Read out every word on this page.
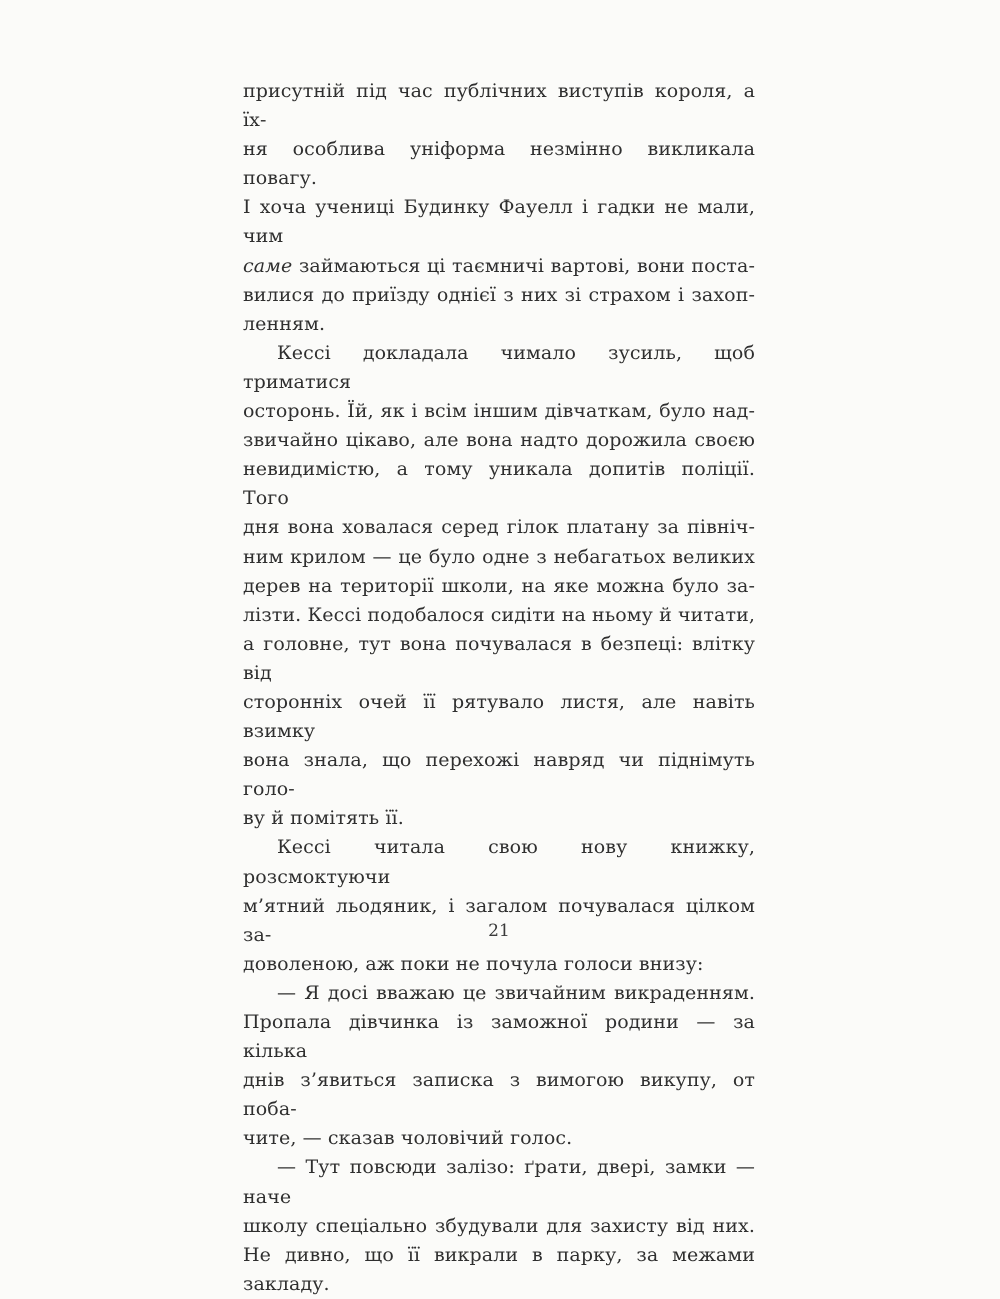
присутній під час публічних виступів короля, а їх-
ня особлива уніформа незмінно викликала повагу.
І хоча учениці Будинку Фауелл і гадки не мали, чим
саме займаються ці таємничі вартові, вони поста-
вилися до приїзду однієї з них зі страхом і захоп-
ленням.
Кессі докладала чимало зусиль, щоб триматися
осторонь. Їй, як і всім іншим дівчаткам, було над-
звичайно цікаво, але вона надто дорожила своєю
невидимістю, а тому уникала допитів поліції. Того
дня вона ховалася серед гілок платану за північ-
ним крилом — це було одне з небагатьох великих
дерев на території школи, на яке можна було за-
лізти. Кессі подобалося сидіти на ньому й читати,
а головне, тут вона почувалася в безпеці: влітку від
сторонніх очей її рятувало листя, але навіть взимку
вона знала, що перехожі навряд чи піднімуть голо-
ву й помітять її.
Кессі читала свою нову книжку, розсмоктуючи
м’ятний льодяник, і загалом почувалася цілком за-
доволеною, аж поки не почула голоси внизу:
— Я досі вважаю це звичайним викраденням.
Пропала дівчинка із заможної родини — за кілька
днів з’явиться записка з вимогою викупу, от поба-
чите, — сказав чоловічий голос.
— Тут повсюди залізо: ґрати, двері, замки — наче
школу спеціально збудували для захисту від них.
Не дивно, що її викрали в парку, за межами закладу.
21
